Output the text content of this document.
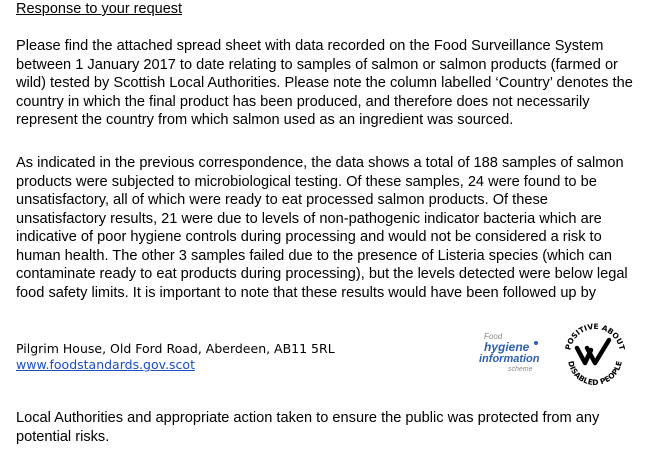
Response to your request
Please find the attached spread sheet with data recorded on the Food Surveillance System
between 1 January 2017 to date relating to samples of salmon or salmon products (farmed or
wild) tested by Scottish Local Authorities. Please note the column labelled ‘Country’ denotes the
country in which the final product has been produced, and therefore does not necessarily
represent the country from which salmon used as an ingredient was sourced.
As indicated in the previous correspondence, the data shows a total of 188 samples of salmon
products were subjected to microbiological testing. Of these samples, 24 were found to be
unsatisfactory, all of which were ready to eat processed salmon products. Of these
unsatisfactory results, 21 were due to levels of non-pathogenic indicator bacteria which are
indicative of poor hygiene controls during processing and would not be considered a risk to
human health. The other 3 samples failed due to the presence of Listeria species (which can
contaminate ready to eat products during processing), but the levels detected were below legal
food safety limits. It is important to note that these results would have been followed up by
Pilgrim House, Old Ford Road, Aberdeen, AB11 5RL
www.foodstandards.gov.scot
Food
hygiene
information
scheme
POSITIVE ABOUT
DISABLED PEOPLE
Local Authorities and appropriate action taken to ensure the public was protected from any
potential risks.
